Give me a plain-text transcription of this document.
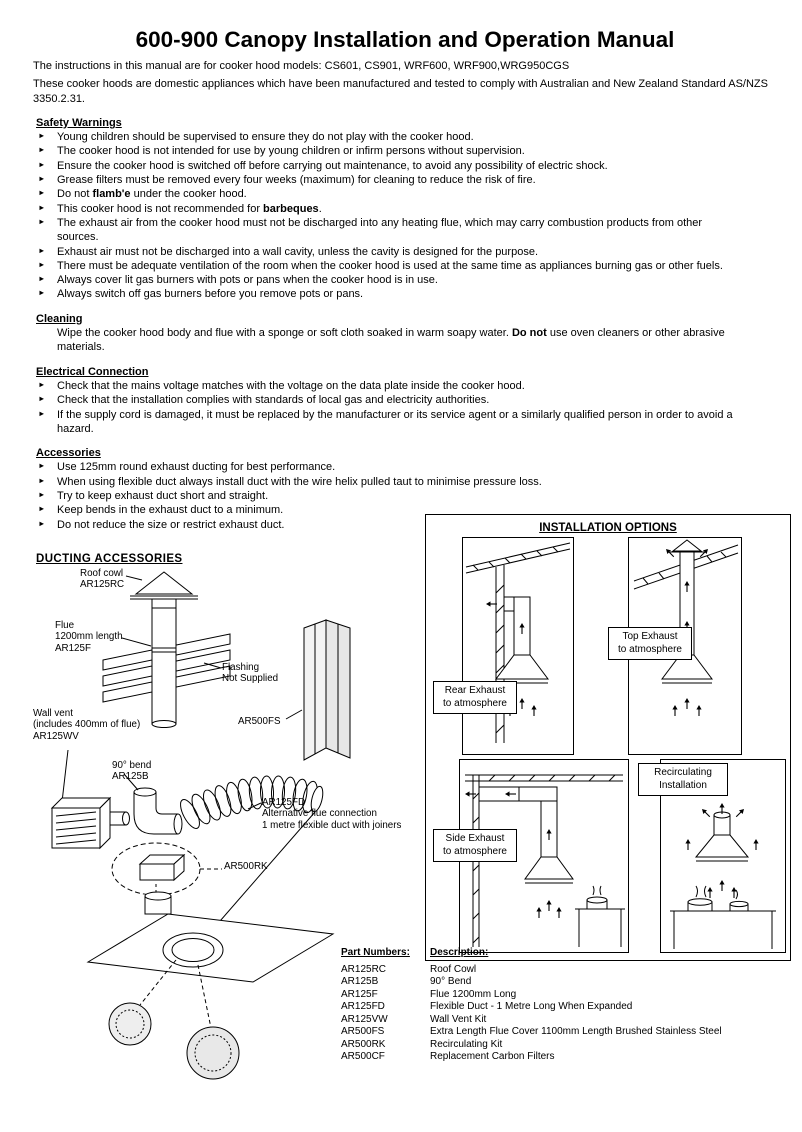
600-900 Canopy Installation and Operation Manual

The instructions in this manual are for cooker hood models: CS601, CS901, WRF600, WRF900,WRG950CGS

These cooker hoods are domestic appliances which have been manufactured and tested to comply with Australian and New Zealand Standard AS/NZS 3350.2.31.

Safety Warnings
► Young children should be supervised to ensure they do not play with the cooker hood.
► The cooker hood is not intended for use by young children or infirm persons without supervision.
► Ensure the cooker hood is switched off before carrying out maintenance, to avoid any possibility of electric shock.
► Grease filters must be removed every four weeks (maximum) for cleaning to reduce the risk of fire.
► Do not flamb'e under the cooker hood.
► This cooker hood is not recommended for barbeques.
► The exhaust air from the cooker hood must not be discharged into any heating flue, which may carry combustion products from other sources.
► Exhaust air must not be discharged into a wall cavity, unless the cavity is designed for the purpose.
► There must be adequate ventilation of the room when the cooker hood is used at the same time as appliances burning gas or other fuels.
► Always cover lit gas burners with pots or pans when the cooker hood is in use.
► Always switch off gas burners before you remove pots or pans.
Cleaning
Wipe the cooker hood body and flue with a sponge or soft cloth soaked in warm soapy water. Do not use oven cleaners or other abrasive materials.
Electrical Connection
► Check that the mains voltage matches with the voltage on the data plate inside the cooker hood.
► Check that the installation complies with standards of local gas and electricity authorities.
► If the supply cord is damaged, it must be replaced by the manufacturer or its service agent or a similarly qualified person in order to avoid a hazard.
Accessories
► Use 125mm round exhaust ducting for best performance.
► When using flexible duct always install duct with the wire helix pulled taut to minimise pressure loss.
► Try to keep exhaust duct short and straight.
► Keep bends in the exhaust duct to a minimum.
► Do not reduce the size or restrict exhaust duct.
DUCTING ACCESSORIES
Roof cowl
AR125RC
Flue
1200mm length
AR125F
Flashing
Not Supplied
AR500FS
Wall vent
(includes 400mm of flue)
AR125WV
90° bend
AR125B
AR125FD
Alternative flue connection
1 metre flexible duct with joiners
AR500RK
INSTALLATION OPTIONS
Rear Exhaust
to atmosphere
Top Exhaust
to atmosphere
Side Exhaust
to atmosphere
Recirculating
Installation
Part Numbers:	Description:
AR125RC	Roof Cowl
AR125B	90° Bend
AR125F	Flue 1200mm Long
AR125FD	Flexible Duct - 1 Metre Long When Expanded
AR125VW	Wall Vent Kit
AR500FS	Extra Length Flue Cover 1100mm Length Brushed Stainless Steel
AR500RK	Recirculating Kit
AR500CF	Replacement Carbon Filters
